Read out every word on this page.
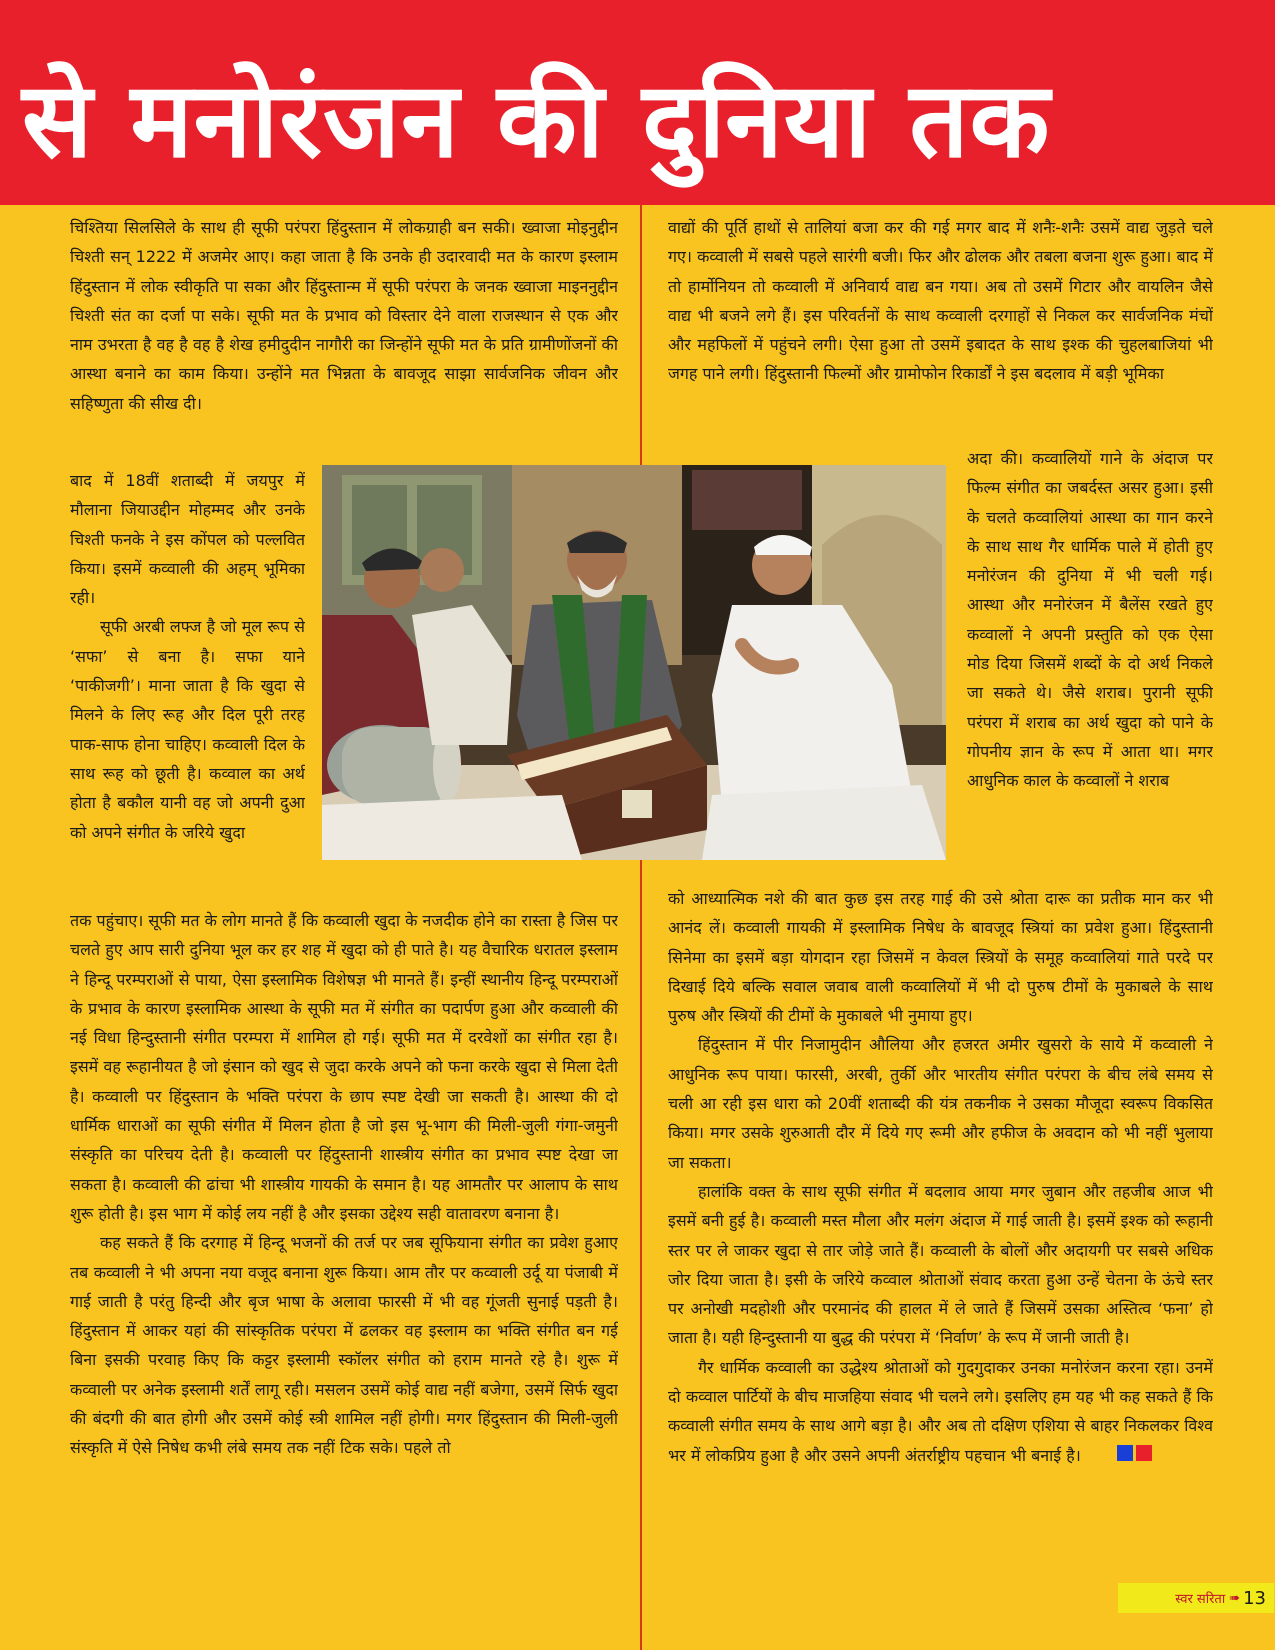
से मनोरंजन की दुनिया तक

चिश्तिया सिलसिले के साथ ही सूफी परंपरा हिंदुस्तान में लोकग्राही बन सकी। ख्वाजा मोइनुद्दीन चिश्ती सन् 1222 में अजमेर आए। कहा जाता है कि उनके ही उदारवादी मत के कारण इस्लाम हिंदुस्तान में लोक स्वीकृति पा सका और हिंदुस्तान्म में सूफी परंपरा के जनक ख्वाजा माइननुद्दीन चिश्ती संत का दर्जा पा सके। सूफी मत के प्रभाव को विस्तार देने वाला राजस्थान से एक और नाम उभरता है वह है वह है शेख हमीदुदीन नागौरी का जिन्होंने सूफी मत के प्रति ग्रामीणोंजनों की आस्था बनाने का काम किया। उन्होंने मत भिन्नता के बावजूद साझा सार्वजनिक जीवन और सहिष्णुता की सीख दी।

बाद में 18वीं शताब्दी में जयपुर में मौलाना जियाउद्दीन मोहम्मद और उनके चिश्ती फनके ने इस कोंपल को पल्लवित किया। इसमें कव्वाली की अहम् भूमिका रही।

सूफी अरबी लफ्ज है जो मूल रूप से ‘सफा’ से बना है। सफा याने ‘पाकीजगी’। माना जाता है कि खुदा से मिलने के लिए रूह और दिल पूरी तरह पाक-साफ होना चाहिए। कव्वाली दिल के साथ रूह को छूती है। कव्वाल का अर्थ होता है बकौल यानी वह जो अपनी दुआ को अपने संगीत के जरिये खुदा

तक पहुंचाए। सूफी मत के लोग मानते हैं कि कव्वाली खुदा के नजदीक होने का रास्ता है जिस पर चलते हुए आप सारी दुनिया भूल कर हर शह में खुदा को ही पाते है। यह वैचारिक धरातल इस्लाम ने हिन्दू परम्पराओं से पाया, ऐसा इस्लामिक विशेषज्ञ भी मानते हैं। इन्हीं स्थानीय हिन्दू परम्पराओं के प्रभाव के कारण इस्लामिक आस्था के सूफी मत में संगीत का पदार्पण हुआ और कव्वाली की नई विधा हिन्दुस्तानी संगीत परम्परा में शामिल हो गई। सूफी मत में दरवेशों का संगीत रहा है। इसमें वह रूहानीयत है जो इंसान को खुद से जुदा करके अपने को फना करके खुदा से मिला देती है। कव्वाली पर हिंदुस्तान के भक्ति परंपरा के छाप स्पष्ट देखी जा सकती है। आस्था की दो धार्मिक धाराओं का सूफी संगीत में मिलन होता है जो इस भू-भाग की मिली-जुली गंगा-जमुनी संस्कृति का परिचय देती है। कव्वाली पर हिंदुस्तानी शास्त्रीय संगीत का प्रभाव स्पष्ट देखा जा सकता है। कव्वाली की ढांचा भी शास्त्रीय गायकी के समान है। यह आमतौर पर आलाप के साथ शुरू होती है। इस भाग में कोई लय नहीं है और इसका उद्देश्य सही वातावरण बनाना है।

कह सकते हैं कि दरगाह में हिन्दू भजनों की तर्ज पर जब सूफियाना संगीत का प्रवेश हुआए तब कव्वाली ने भी अपना नया वजूद बनाना शुरू किया। आम तौर पर कव्वाली उर्दू या पंजाबी में गाई जाती है परंतु हिन्दी और बृज भाषा के अलावा फारसी में भी वह गूंजती सुनाई पड़ती है। हिंदुस्तान में आकर यहां की सांस्कृतिक परंपरा में ढलकर वह इस्लाम का भक्ति संगीत बन गई बिना इसकी परवाह किए कि कट्टर इस्लामी स्कॉलर संगीत को हराम मानते रहे है। शुरू में कव्वाली पर अनेक इस्लामी शर्तें लागू रही। मसलन उसमें कोई वाद्य नहीं बजेगा, उसमें सिर्फ खुदा की बंदगी की बात होगी और उसमें कोई स्त्री शामिल नहीं होगी। मगर हिंदुस्तान की मिली-जुली संस्कृति में ऐसे निषेध कभी लंबे समय तक नहीं टिक सके। पहले तो

वाद्यों की पूर्ति हाथों से तालियां बजा कर की गई मगर बाद में शनैः-शनैः उसमें वाद्य जुड़ते चले गए। कव्वाली में सबसे पहले सारंगी बजी। फिर और ढोलक और तबला बजना शुरू हुआ। बाद में तो हार्मोनियन तो कव्वाली में अनिवार्य वाद्य बन गया। अब तो उसमें गिटार और वायलिन जैसे वाद्य भी बजने लगे हैं। इस परिवर्तनों के साथ कव्वाली दरगाहों से निकल कर सार्वजनिक मंचों और महफिलों में पहुंचने लगी। ऐसा हुआ तो उसमें इबादत के साथ इश्क की चुहलबाजियां भी जगह पाने लगी। हिंदुस्तानी फिल्मों और ग्रामोफोन रिकार्डों ने इस बदलाव में बड़ी भूमिका

अदा की। कव्वालियों गाने के अंदाज पर फिल्म संगीत का जबर्दस्त असर हुआ। इसी के चलते कव्वालियां आस्था का गान करने के साथ साथ गैर धार्मिक पाले में होती हुए मनोरंजन की दुनिया में भी चली गई। आस्था और मनोरंजन में बैलेंस रखते हुए कव्वालों ने अपनी प्रस्तुति को एक ऐसा मोड दिया जिसमें शब्दों के दो अर्थ निकले जा सकते थे। जैसे शराब। पुरानी सूफी परंपरा में शराब का अर्थ खुदा को पाने के गोपनीय ज्ञान के रूप में आता था। मगर आधुनिक काल के कव्वालों ने शराब

को आध्यात्मिक नशे की बात कुछ इस तरह गाई की उसे श्रोता दारू का प्रतीक मान कर भी आनंद लें। कव्वाली गायकी में इस्लामिक निषेध के बावजूद स्त्रियां का प्रवेश हुआ। हिंदुस्तानी सिनेमा का इसमें बड़ा योगदान रहा जिसमें न केवल स्त्रियों के समूह कव्वालियां गाते परदे पर दिखाई दिये बल्कि सवाल जवाब वाली कव्वालियों में भी दो पुरुष टीमों के मुकाबले के साथ पुरुष और स्त्रियों की टीमों के मुकाबले भी नुमाया हुए।

हिंदुस्तान में पीर निजामुदीन औलिया और हजरत अमीर खुसरो के साये में कव्वाली ने आधुनिक रूप पाया। फारसी, अरबी, तुर्की और भारतीय संगीत परंपरा के बीच लंबे समय से चली आ रही इस धारा को 20वीं शताब्दी की यंत्र तकनीक ने उसका मौजूदा स्वरूप विकसित किया। मगर उसके शुरुआती दौर में दिये गए रूमी और हफीज के अवदान को भी नहीं भुलाया जा सकता।

हालांकि वक्त के साथ सूफी संगीत में बदलाव आया मगर जुबान और तहजीब आज भी इसमें बनी हुई है। कव्वाली मस्त मौला और मलंग अंदाज में गाई जाती है। इसमें इश्क को रूहानी स्तर पर ले जाकर खुदा से तार जोड़े जाते हैं। कव्वाली के बोलों और अदायगी पर सबसे अधिक जोर दिया जाता है। इसी के जरिये कव्वाल श्रोताओं संवाद करता हुआ उन्हें चेतना के ऊंचे स्तर पर अनोखी मदहोशी और परमानंद की हालत में ले जाते हैं जिसमें उसका अस्तित्व ‘फना’ हो जाता है। यही हिन्दुस्तानी या बुद्ध की परंपरा में ‘निर्वाण’ के रूप में जानी जाती है।

गैर धार्मिक कव्वाली का उद्धेश्य श्रोताओं को गुदगुदाकर उनका मनोरंजन करना रहा। उनमें दो कव्वाल पार्टियों के बीच माजहिया संवाद भी चलने लगे। इसलिए हम यह भी कह सकते हैं कि कव्वाली संगीत समय के साथ आगे बड़ा है। और अब तो दक्षिण एशिया से बाहर निकलकर विश्व भर में लोकप्रिय हुआ है और उसने अपनी अंतर्राष्ट्रीय पहचान भी बनाई है।

स्वर सरिता ➠ 13
